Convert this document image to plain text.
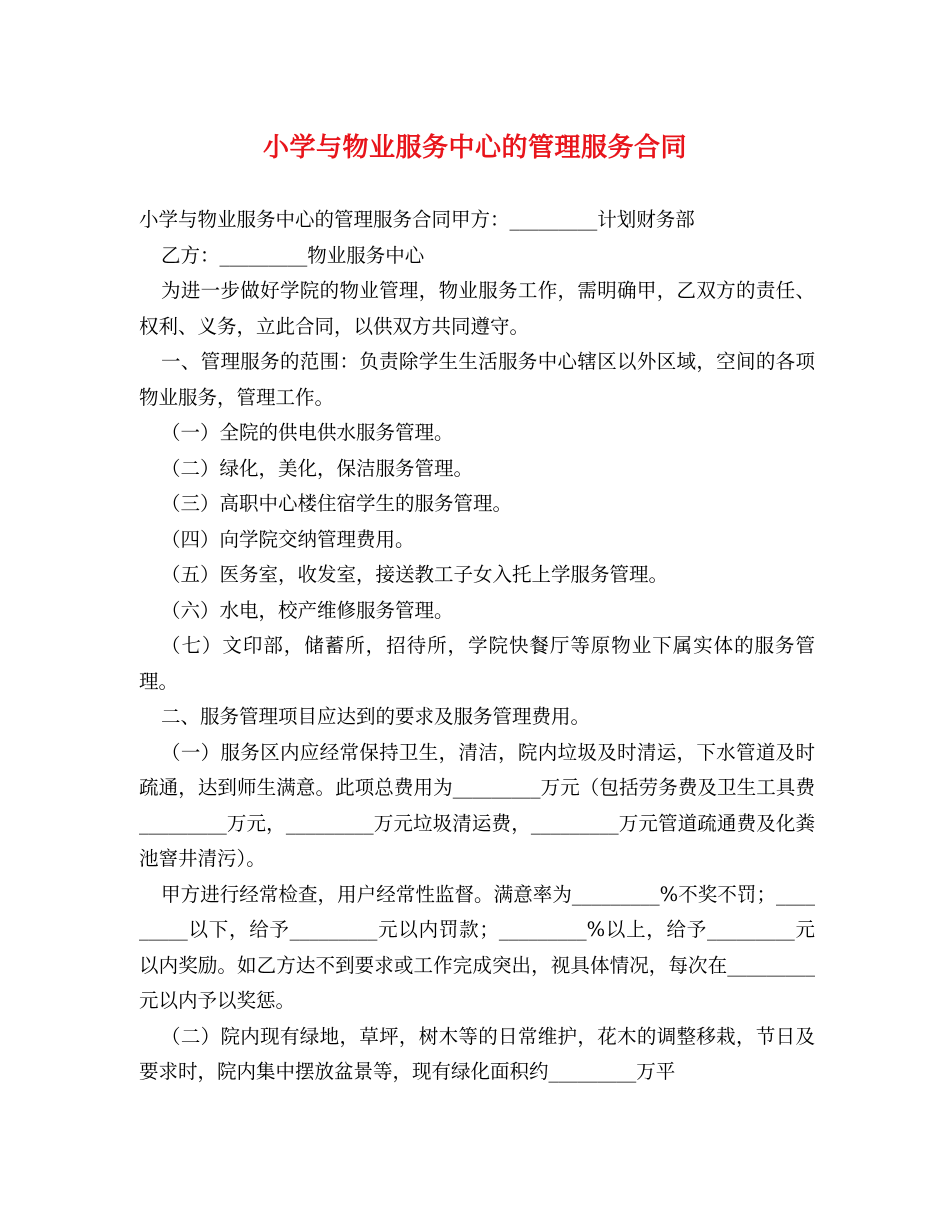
小学与物业服务中心的管理服务合同

小学与物业服务中心的管理服务合同甲方：_________计划财务部

乙方：_________物业服务中心

为进一步做好学院的物业管理，物业服务工作，需明确甲，乙双方的责任、权利、义务，立此合同，以供双方共同遵守。

一、管理服务的范围：负责除学生生活服务中心辖区以外区域，空间的各项物业服务，管理工作。

（一）全院的供电供水服务管理。

（二）绿化，美化，保洁服务管理。

（三）高职中心楼住宿学生的服务管理。

（四）向学院交纳管理费用。

（五）医务室，收发室，接送教工子女入托上学服务管理。

（六）水电，校产维修服务管理。

（七）文印部，储蓄所，招待所，学院快餐厅等原物业下属实体的服务管理。

二、服务管理项目应达到的要求及服务管理费用。

（一）服务区内应经常保持卫生，清洁，院内垃圾及时清运，下水管道及时疏通，达到师生满意。此项总费用为_________万元（包括劳务费及卫生工具费_________万元，_________万元垃圾清运费，_________万元管道疏通费及化粪池窨井清污）。

甲方进行经常检查，用户经常性监督。满意率为_________%不奖不罚；_________以下，给予_________元以内罚款；_________%以上，给予_________元以内奖励。如乙方达不到要求或工作完成突出，视具体情况，每次在_________元以内予以奖惩。

（二）院内现有绿地，草坪，树木等的日常维护，花木的调整移栽，节日及要求时，院内集中摆放盆景等，现有绿化面积约_________万平
